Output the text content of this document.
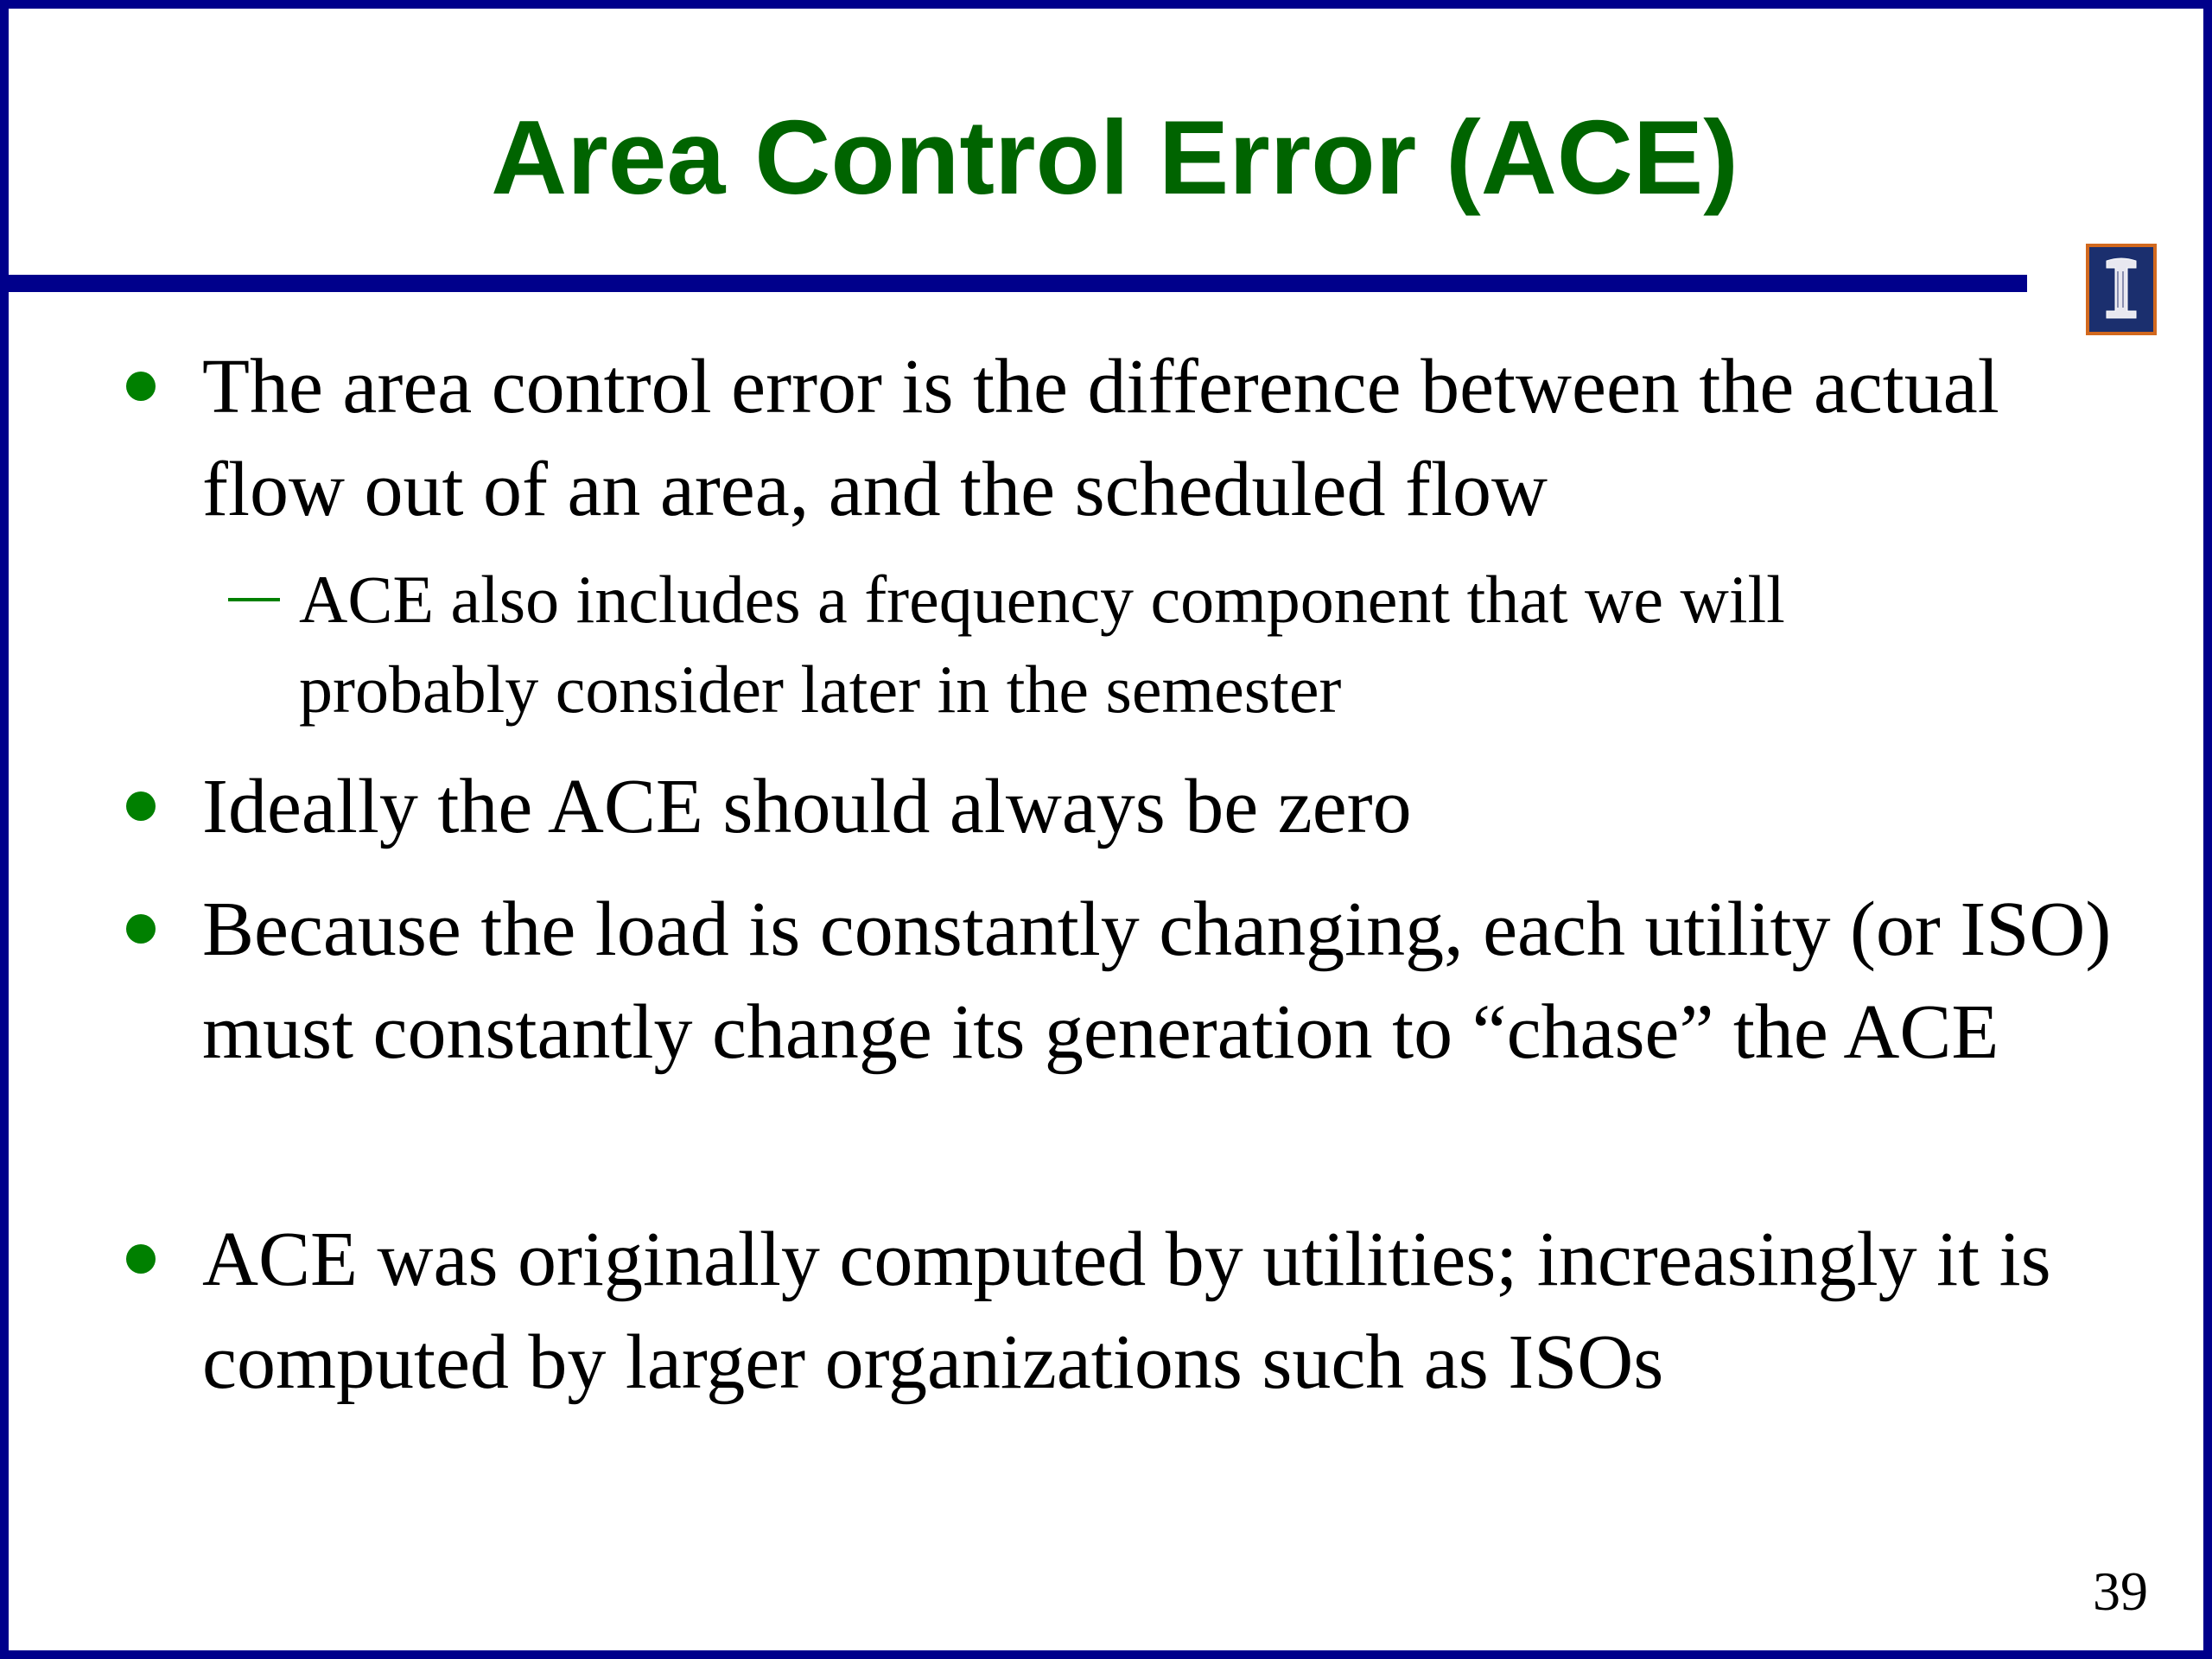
Area Control Error (ACE)
The area control error is the difference between the actual flow out of an area, and the scheduled flow
ACE also includes a frequency component that we will probably consider later in the semester
Ideally the ACE should always be zero
Because the load is constantly changing, each utility (or ISO) must constantly change its generation to “chase” the ACE
ACE was originally computed by utilities; increasingly it is computed by larger organizations such as ISOs
39
